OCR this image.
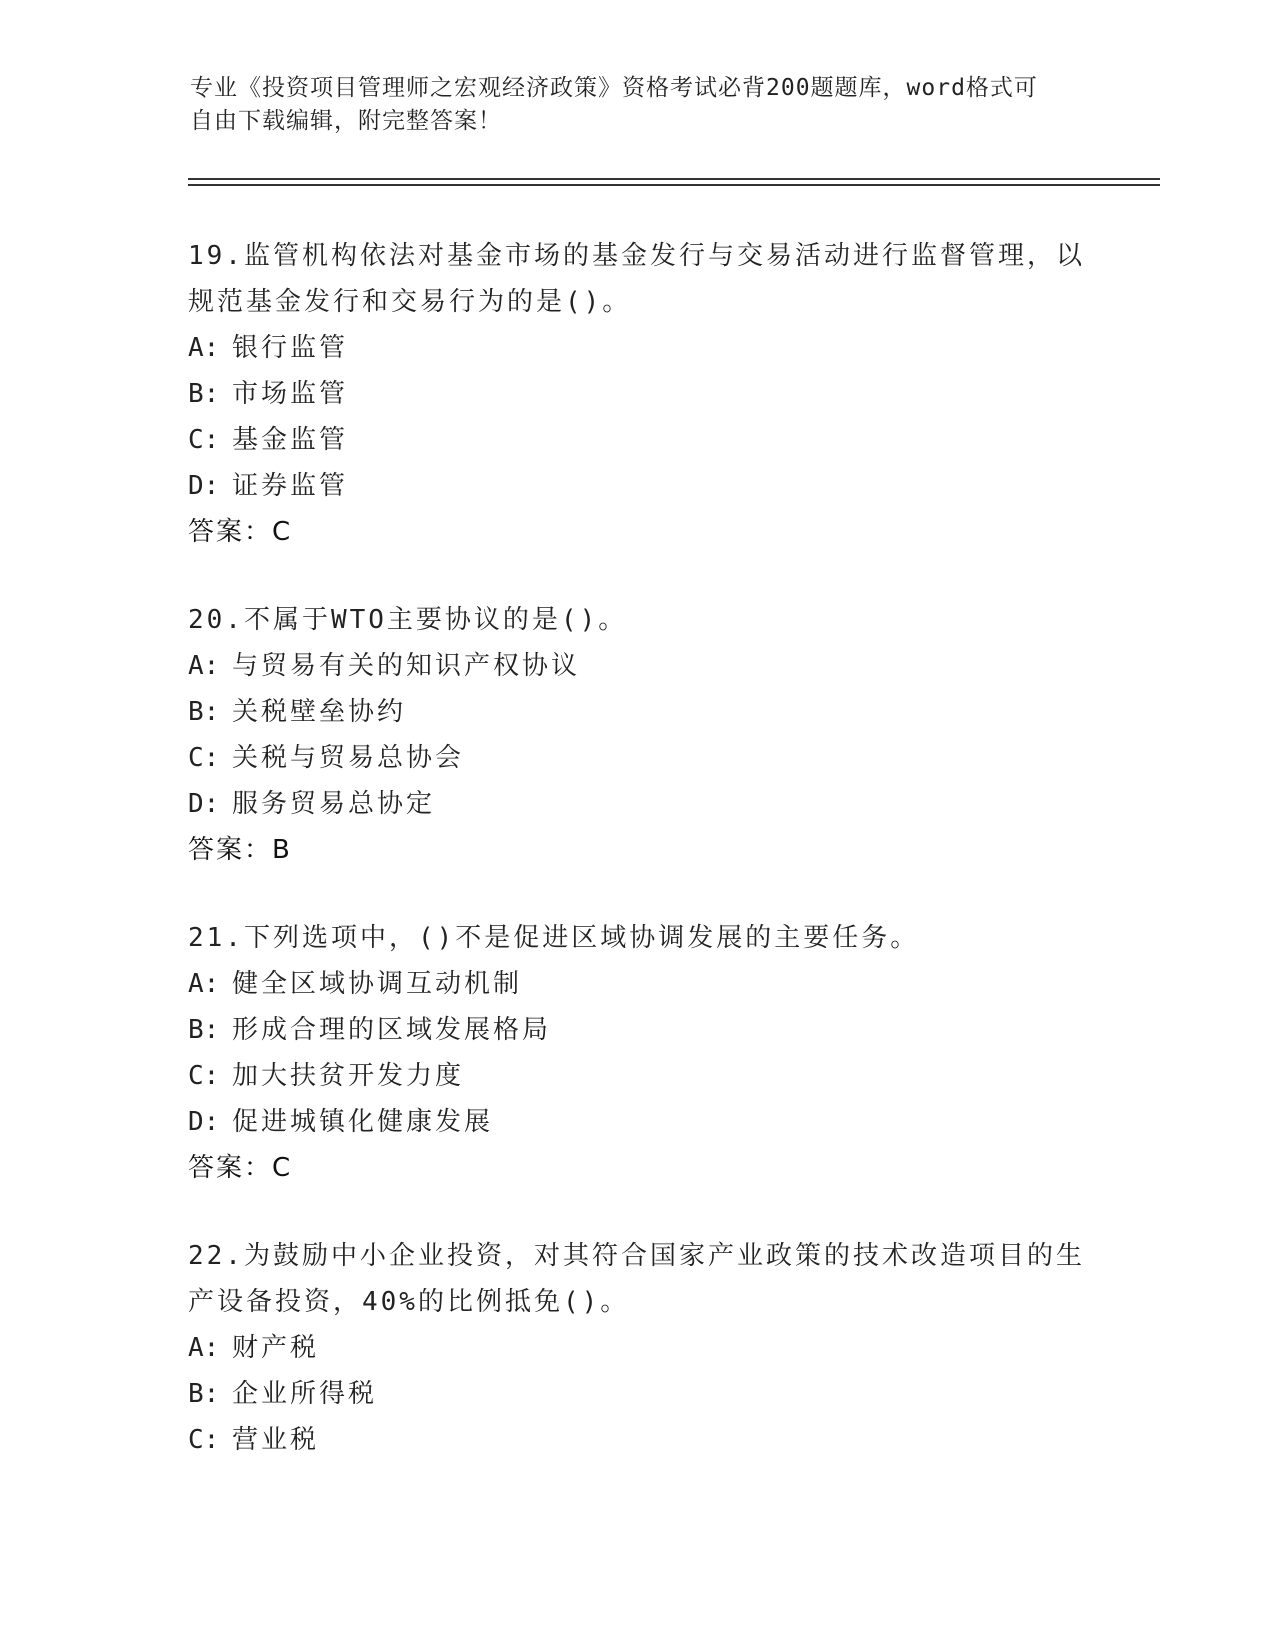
专业《投资项目管理师之宏观经济政策》资格考试必背200题题库，word格式可
自由下载编辑，附完整答案！

19.监管机构依法对基金市场的基金发行与交易活动进行监督管理，以

规范基金发行和交易行为的是()。

A: 银行监管

B: 市场监管

C: 基金监管

D: 证券监管

答案：C

20.不属于WTO主要协议的是()。

A: 与贸易有关的知识产权协议

B: 关税壁垒协约

C: 关税与贸易总协会

D: 服务贸易总协定

答案：B

21.下列选项中，()不是促进区域协调发展的主要任务。

A: 健全区域协调互动机制

B: 形成合理的区域发展格局

C: 加大扶贫开发力度

D: 促进城镇化健康发展

答案：C

22.为鼓励中小企业投资，对其符合国家产业政策的技术改造项目的生

产设备投资，40%的比例抵免()。

A: 财产税

B: 企业所得税

C: 营业税
